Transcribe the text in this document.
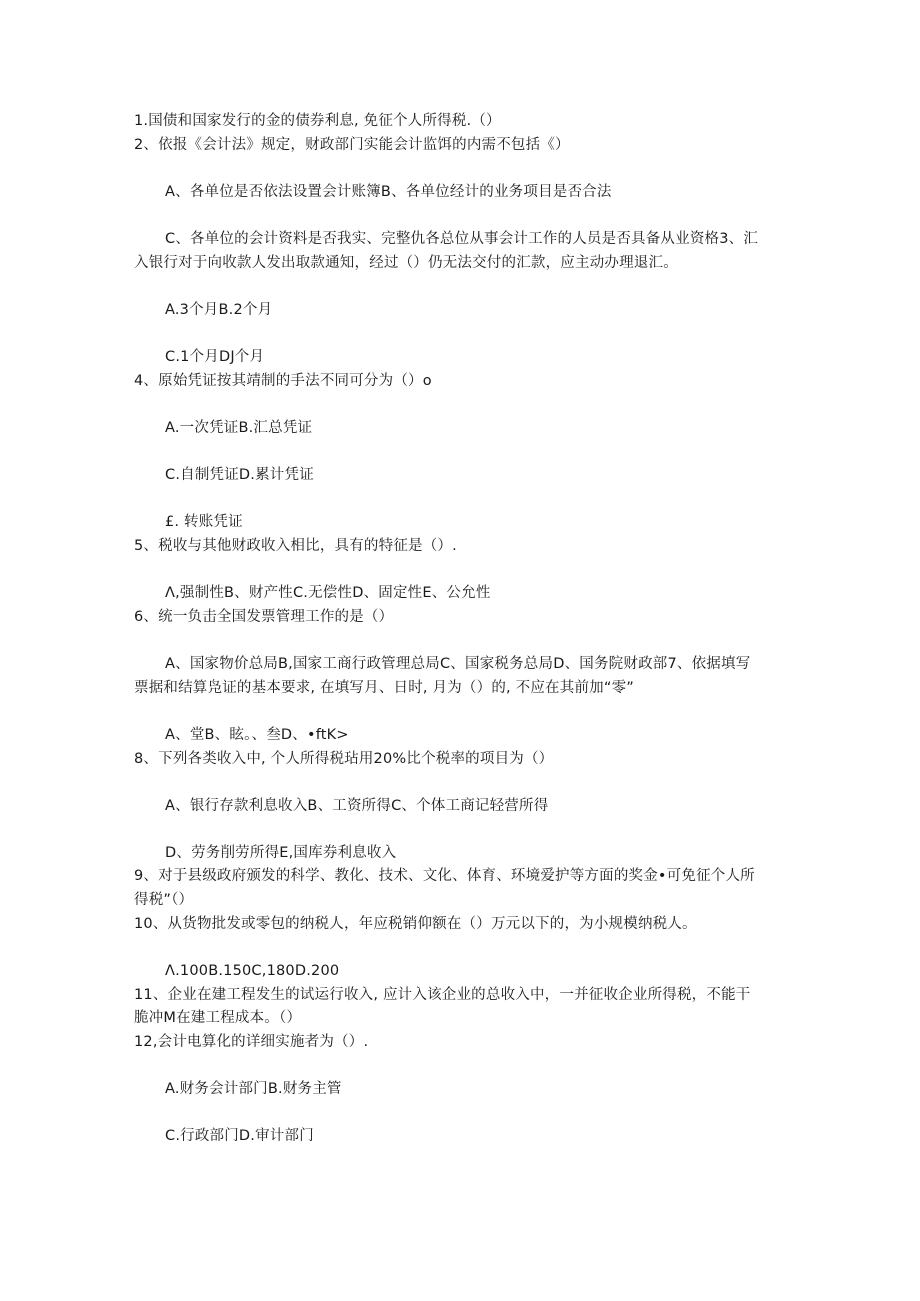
1.国债和国家发行的金的债券利息, 免征个人所得税.（）
2、依报《会计法》规定，财政部门实能会计监饵的内需不包括《）
A、各单位是否依法设置会计账簿B、各单位经计的业务项目是否合法
C、各单位的会计资料是否我实、完整仇各总位从事会计工作的人员是否具备从业资格3、汇
入银行对于向收款人发出取款通知，经过（）仍无法交付的汇款，应主动办理退汇。
A.3个月B.2个月
C.1个月DJ个月
4、原始凭证按其靖制的手法不同可分为（）o
A.一次凭证B.汇总凭证
C.自制凭证D.累计凭证
£. 转账凭证
5、税收与其他财政收入相比，具有的特征是（）.
Λ,强制性B、财产性C.无偿性D、固定性E、公允性
6、统一负击全国发票管理工作的是（）
A、国家物价总局B,国家工商行政管理总局C、国家税务总局D、国务院财政部7、依据填写
票据和结算凫证的基本要求, 在填写月、日时, 月为（）的, 不应在其前加“零”
A、堂B、眩。、叁D、•ftK>
8、下列各类收入中, 个人所得税玷用20%比个税率的项目为（）
A、银行存款利息收入B、工资所得C、个体工商记轻营所得
D、劳务削劳所得E,国库券利息收入
9、对于县级政府颁发的科学、教化、技术、文化、体育、环境爱护等方面的奖金•可免征个人所
得税”（）
10、从货物批发或零包的纳税人，年应税销仰额在（）万元以下的，为小规模纳税人。
Λ.100B.150C,180D.200
11、企业在建工程发生的试运行收入, 应计入该企业的总收入中，一并征收企业所得税，不能干
脆冲M在建工程成本。（）
12,会计电算化的详细实施者为（）.
A.财务会计部门B.财务主管
C.行政部门D.审计部门
